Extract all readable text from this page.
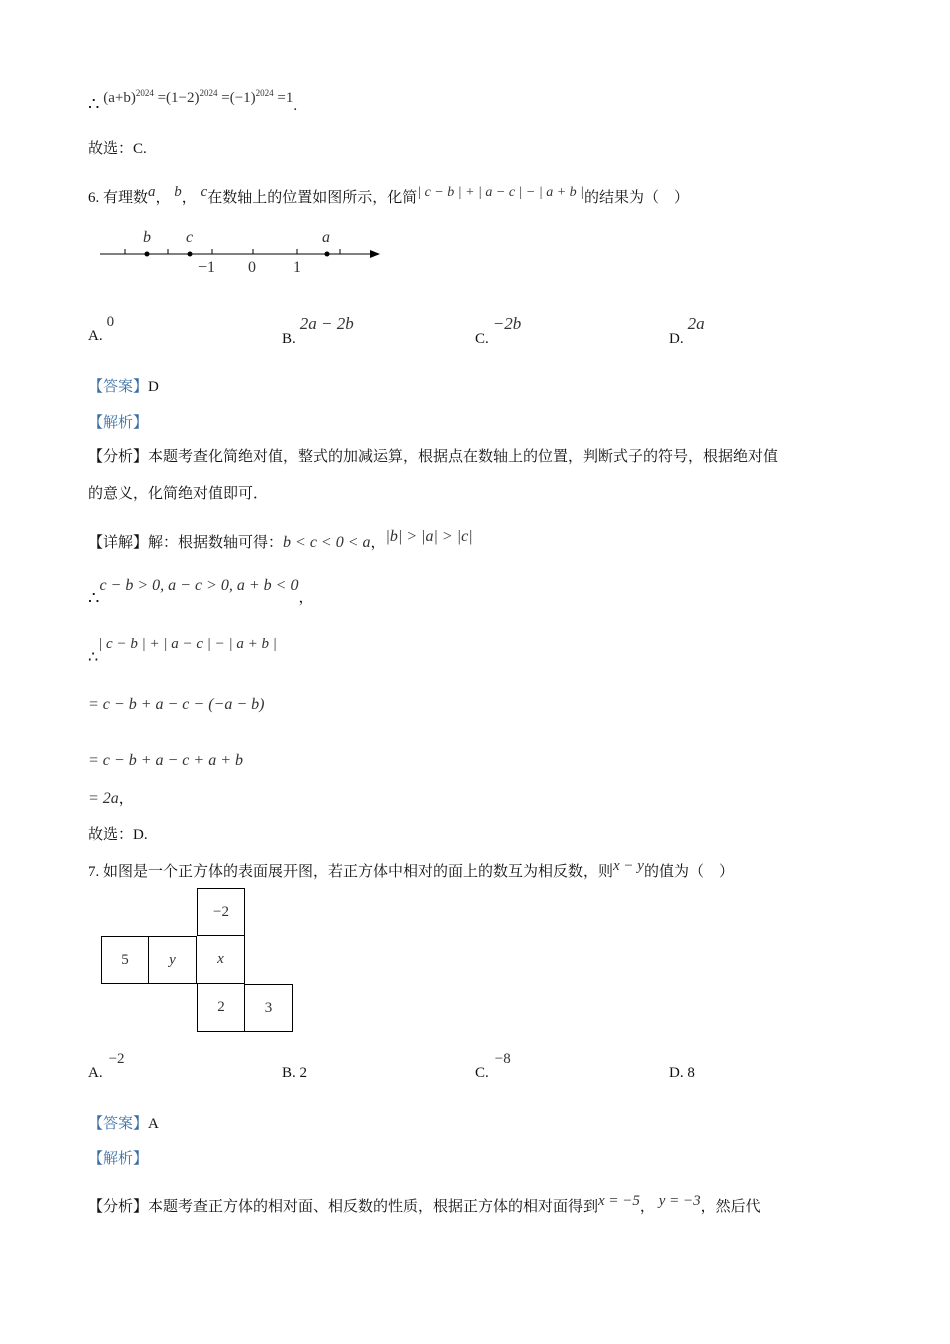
∴ $(a+b)^{2024} =(1-2)^{2024} =(-1)^{2024} =1$.
故选：C.
6. 有理数$^a$， $^b$， $^c$在数轴上的位置如图所示，化简$^{| c - b | + | a - c | - | a + b |}$的结果为（　）
b c	a
−1 0 1
A.0
B.2a − 2b
C.−2b
D.2a
【答案】D
【解析】
【分析】本题考查化简绝对值，整式的加减运算，根据点在数轴上的位置，判断式子的符号，根据绝对值
的意义，化简绝对值即可．
【详解】解：根据数轴可得：b < c < 0 < a，$^{|b| > |a| > |c|}$
∴c − b > 0, a − c > 0, a + b < 0，
∴| c − b | + | a − c | − | a + b |
= c − b + a − c − (−a − b)
= c − b + a − c + a + b
= 2a，
故选：D.
7. 如图是一个正方体的表面展开图，若正方体中相对的面上的数互为相反数，则$^{x - y}$的值为（　）
−2
5	y	x
2	3
A.−2
B. 2	C.−8
D. 8
【答案】A
【解析】
【分析】本题考查正方体的相对面、相反数的性质，根据正方体的相对面得到$^{x = -5}$， $^{y = -3}$，然后代
